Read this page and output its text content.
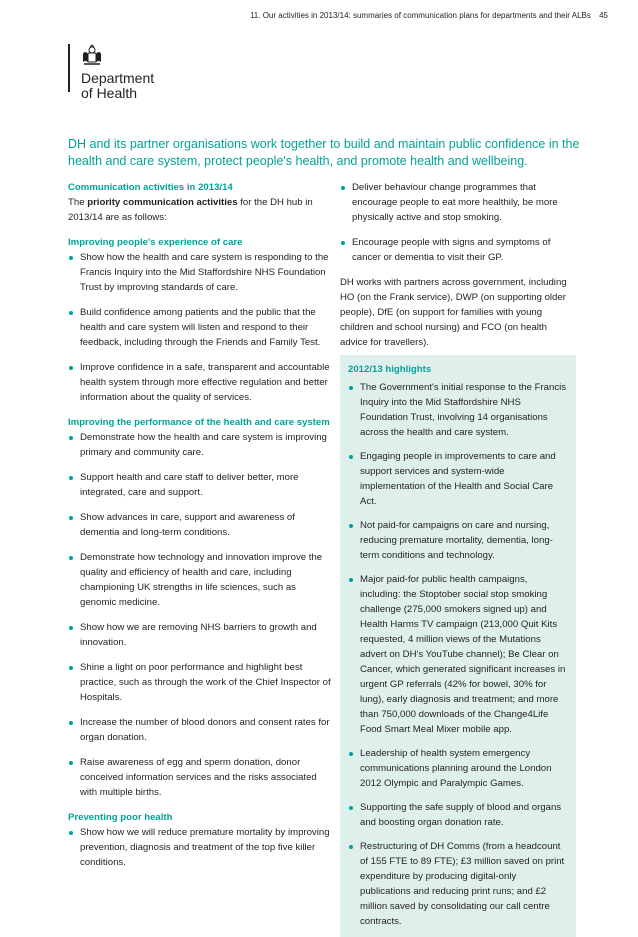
11. Our activities in 2013/14: summaries of communication plans for departments and their ALBs 45
Department
of Health
DH and its partner organisations work together to build and maintain public confidence in the health and care system, protect people's health, and promote health and wellbeing.

Communication activities in 2013/14

The priority communication activities for the DH hub in 2013/14 are as follows:

Improving people's experience of care

Show how the health and care system is responding to the Francis Inquiry into the Mid Staffordshire NHS Foundation Trust by improving standards of care.
Build confidence among patients and the public that the health and care system will listen and respond to their feedback, including through the Friends and Family Test.
Improve confidence in a safe, transparent and accountable health system through more effective regulation and better information about the quality of services.

Improving the performance of the health and care system

Demonstrate how the health and care system is improving primary and community care.
Support health and care staff to deliver better, more integrated, care and support.
Show advances in care, support and awareness of dementia and long-term conditions.
Demonstrate how technology and innovation improve the quality and efficiency of health and care, including championing UK strengths in life sciences, such as genomic medicine.
Show how we are removing NHS barriers to growth and innovation.
Shine a light on poor performance and highlight best practice, such as through the work of the Chief Inspector of Hospitals.
Increase the number of blood donors and consent rates for organ donation.
Raise awareness of egg and sperm donation, donor conceived information services and the risks associated with multiple births.

Preventing poor health

Show how we will reduce premature mortality by improving prevention, diagnosis and treatment of the top five killer conditions.
Deliver behaviour change programmes that encourage people to eat more healthily, be more physically active and stop smoking.
Encourage people with signs and symptoms of cancer or dementia to visit their GP.

DH works with partners across government, including HO (on the Frank service), DWP (on supporting older people), DfE (on support for families with young children and school nursing) and FCO (on health advice for travellers).

2012/13 highlights

The Government's initial response to the Francis Inquiry into the Mid Staffordshire NHS Foundation Trust, involving 14 organisations across the health and care system.
Engaging people in improvements to care and support services and system-wide implementation of the Health and Social Care Act.
Not paid-for campaigns on care and nursing, reducing premature mortality, dementia, long-term conditions and technology.
Major paid-for public health campaigns, including: the Stoptober social stop smoking challenge (275,000 smokers signed up) and Health Harms TV campaign (213,000 Quit Kits requested, 4 million views of the Mutations advert on DH's YouTube channel); Be Clear on Cancer, which generated significant increases in urgent GP referrals (42% for bowel, 30% for lung), early diagnosis and treatment; and more than 750,000 downloads of the Change4Life Food Smart Meal Mixer mobile app.
Leadership of health system emergency communications planning around the London 2012 Olympic and Paralympic Games.
Supporting the safe supply of blood and organs and boosting organ donation rate.
Restructuring of DH Comms (from a headcount of 155 FTE to 89 FTE); £3 million saved on print expenditure by producing digital-only publications and reducing print runs; and £2 million saved by consolidating our call centre contracts.
